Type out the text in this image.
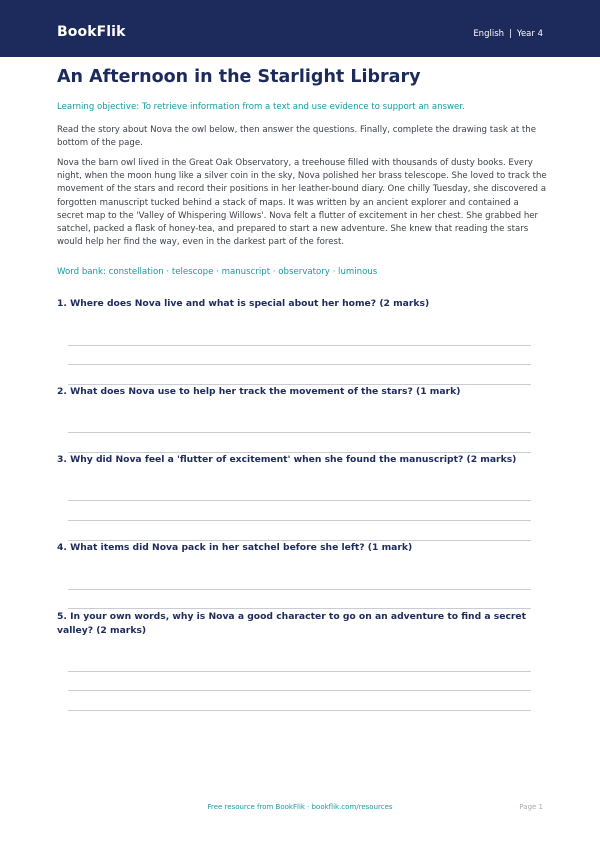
BookFlik	English | Year 4
An Afternoon in the Starlight Library
Learning objective: To retrieve information from a text and use evidence to support an answer.

Read the story about Nova the owl below, then answer the questions. Finally, complete the drawing task at the bottom of the page.

Nova the barn owl lived in the Great Oak Observatory, a treehouse filled with thousands of dusty books. Every night, when the moon hung like a silver coin in the sky, Nova polished her brass telescope. She loved to track the movement of the stars and record their positions in her leather-bound diary. One chilly Tuesday, she discovered a forgotten manuscript tucked behind a stack of maps. It was written by an ancient explorer and contained a secret map to the 'Valley of Whispering Willows'. Nova felt a flutter of excitement in her chest. She grabbed her satchel, packed a flask of honey-tea, and prepared to start a new adventure. She knew that reading the stars would help her find the way, even in the darkest part of the forest.

Word bank: constellation · telescope · manuscript · observatory · luminous

1. Where does Nova live and what is special about her home? (2 marks)

2. What does Nova use to help her track the movement of the stars? (1 mark)

3. Why did Nova feel a 'flutter of excitement' when she found the manuscript? (2 marks)

4. What items did Nova pack in her satchel before she left? (1 mark)

5. In your own words, why is Nova a good character to go on an adventure to find a secret valley? (2 marks)

Free resource from BookFlik · bookflik.com/resources	Page 1
